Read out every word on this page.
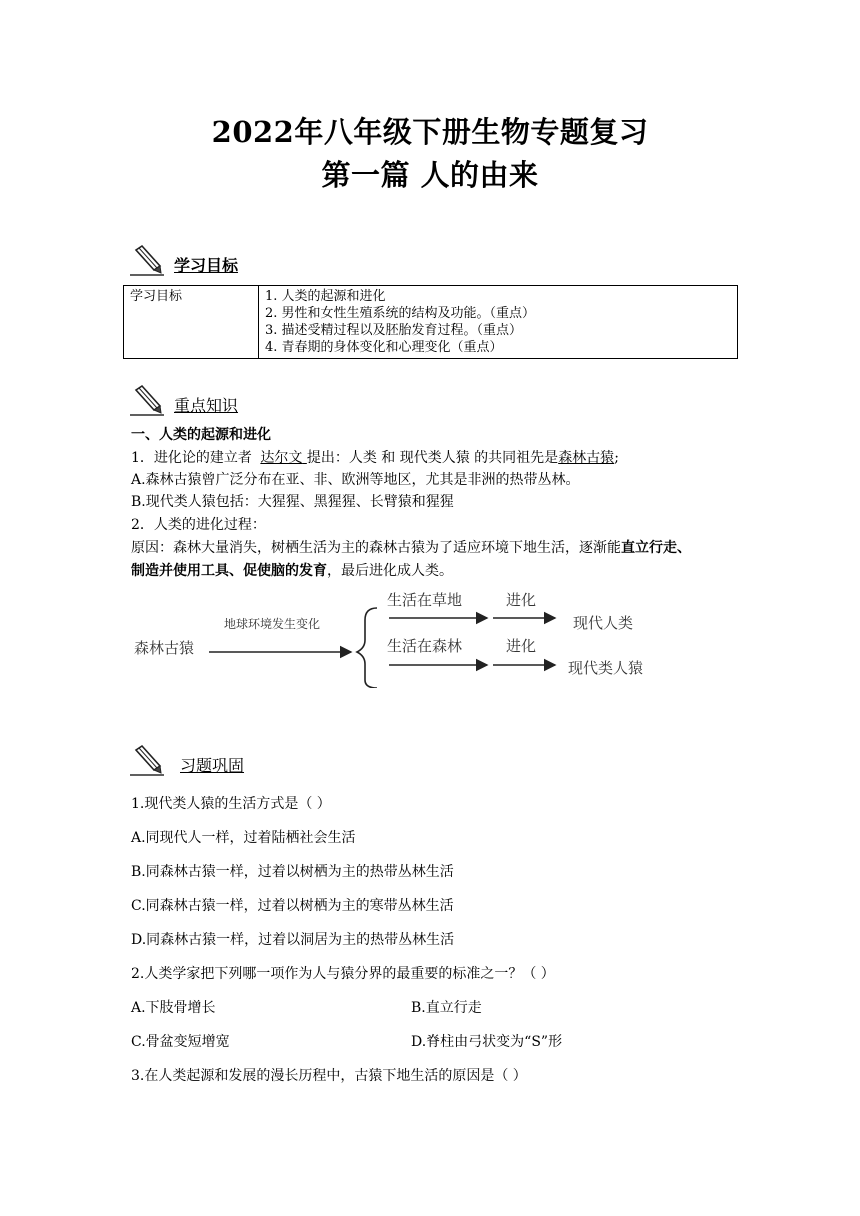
2022年八年级下册生物专题复习
第一篇 人的由来
学习目标
学习目标	1. 人类的起源和进化
2. 男性和女性生殖系统的结构及功能。（重点）
3. 描述受精过程以及胚胎发育过程。（重点）
4. 青春期的身体变化和心理变化（重点）
重点知识
一、人类的起源和进化
1．进化论的建立者 达尔文 提出：人类 和 现代类人猿 的共同祖先是森林古猿;
A.森林古猿曾广泛分布在亚、非、欧洲等地区，尤其是非洲的热带丛林。
B.现代类人猿包括：大猩猩、黑猩猩、长臂猿和猩猩
2．人类的进化过程：
原因：森林大量消失，树栖生活为主的森林古猿为了适应环境下地生活，逐渐能直立行走、
制造并使用工具、促使脑的发育，最后进化成人类。
森林古猿
地球环境发生变化
生活在草地	进化
现代人类
生活在森林	进化
现代类人猿
习题巩固
1.现代类人猿的生活方式是（ ）
A.同现代人一样，过着陆栖社会生活
B.同森林古猿一样，过着以树栖为主的热带丛林生活
C.同森林古猿一样，过着以树栖为主的寒带丛林生活
D.同森林古猿一样，过着以洞居为主的热带丛林生活
2.人类学家把下列哪一项作为人与猿分界的最重要的标准之一？（ ）
A.下肢骨增长	B.直立行走
C.骨盆变短增宽	D.脊柱由弓状变为“S”形
3.在人类起源和发展的漫长历程中，古猿下地生活的原因是（ ）
